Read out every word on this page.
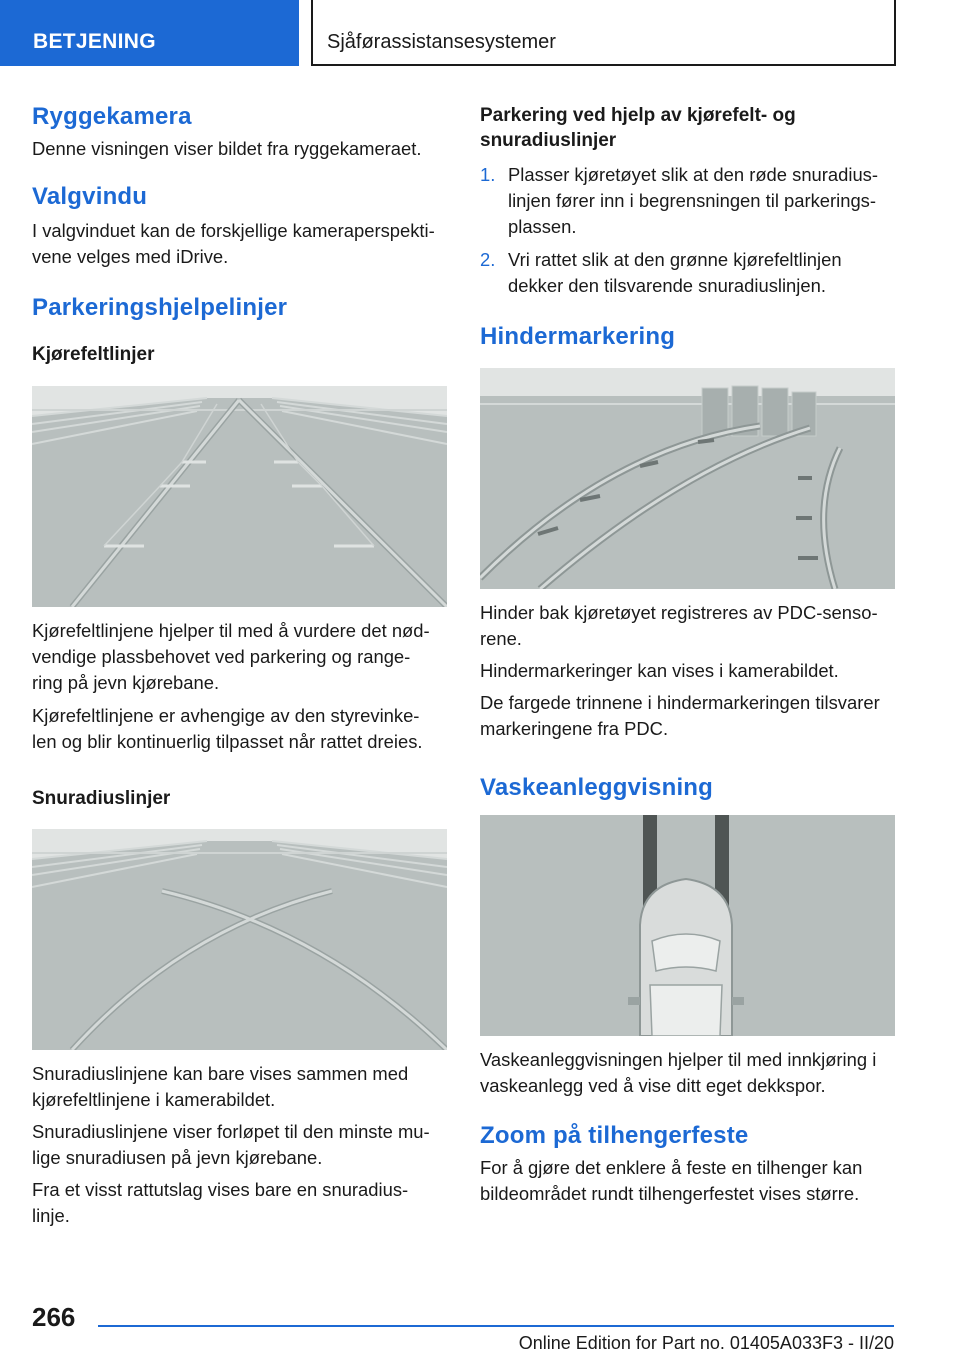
BETJENING	Sjåførassistansesystemer
Ryggekamera

Denne visningen viser bildet fra ryggekameraet.

Valgvindu

I valgvinduet kan de forskjellige kameraperspekti‐

vene velges med iDrive.

Parkeringshjelpelinjer
Kjørefeltlinjer

Kjørefeltlinjene hjelper til med å vurdere det nød‐

vendige plassbehovet ved parkering og range‐

ring på jevn kjørebane.

Kjørefeltlinjene er avhengige av den styrevinke‐

len og blir kontinuerlig tilpasset når rattet dreies.

Snuradiuslinjer

Snuradiuslinjene kan bare vises sammen med

kjørefeltlinjene i kamerabildet.

Snuradiuslinjene viser forløpet til den minste mu‐

lige snuradiusen på jevn kjørebane.

Fra et visst rattutslag vises bare en snuradius‐

linje.

Parkering ved hjelp av kjørefelt- og
snuradiuslinjer
1. Plasser kjøretøyet slik at den røde snuradius‐
linjen fører inn i begrensningen til parkerings‐
plassen.
2. Vri rattet slik at den grønne kjørefeltlinjen
dekker den tilsvarende snuradiuslinjen.
Hindermarkering

Hinder bak kjøretøyet registreres av PDC-senso‐

rene.

Hindermarkeringer kan vises i kamerabildet.

De fargede trinnene i hindermarkeringen tilsvarer

markeringene fra PDC.

Vaskeanleggvisning

Vaskeanleggvisningen hjelper til med innkjøring i

vaskeanlegg ved å vise ditt eget dekkspor.

Zoom på tilhengerfeste

For å gjøre det enklere å feste en tilhenger kan

bildeområdet rundt tilhengerfestet vises større.

266
Online Edition for Part no. 01405A033F3 - II/20
